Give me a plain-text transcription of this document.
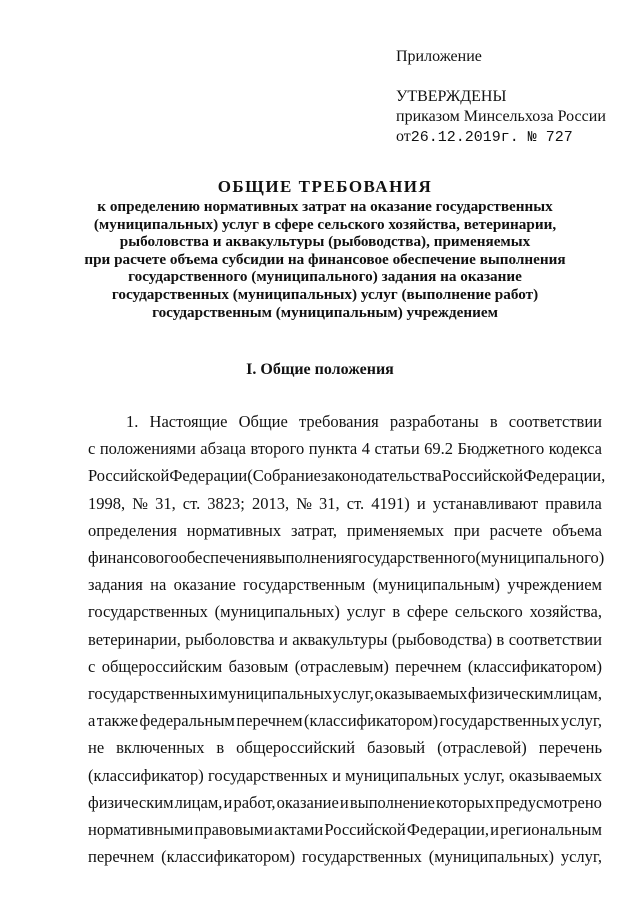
Приложение
УТВЕРЖДЕНЫ
приказом Минсельхоза России
от26.12.2019г. № 727
ОБЩИЕ ТРЕБОВАНИЯ
к определению нормативных затрат на оказание государственных
(муниципальных) услуг в сфере сельского хозяйства, ветеринарии,
рыболовства и аквакультуры (рыбоводства), применяемых
при расчете объема субсидии на финансовое обеспечение выполнения
государственного (муниципального) задания на оказание
государственных (муниципальных) услуг (выполнение работ)
государственным (муниципальным) учреждением
I. Общие положения
1. Настоящие Общие требования разработаны в соответствии
с положениями абзаца второго пункта 4 статьи 69.2 Бюджетного кодекса
Российской Федерации (Собрание законодательства Российской Федерации,
1998, № 31, ст. 3823; 2013, № 31, ст. 4191) и устанавливают правила
определения нормативных затрат, применяемых при расчете объема
финансового обеспечения выполнения государственного (муниципального)
задания на оказание государственным (муниципальным) учреждением
государственных (муниципальных) услуг в сфере сельского хозяйства,
ветеринарии, рыболовства и аквакультуры (рыбоводства) в соответствии
с общероссийским базовым (отраслевым) перечнем (классификатором)
государственных и муниципальных услуг, оказываемых физическим лицам,
а также федеральным перечнем (классификатором) государственных услуг,
не включенных в общероссийский базовый (отраслевой) перечень
(классификатор) государственных и муниципальных услуг, оказываемых
физическим лицам, и работ, оказание и выполнение которых предусмотрено
нормативными правовыми актами Российской Федерации, и региональным
перечнем (классификатором) государственных (муниципальных) услуг,
